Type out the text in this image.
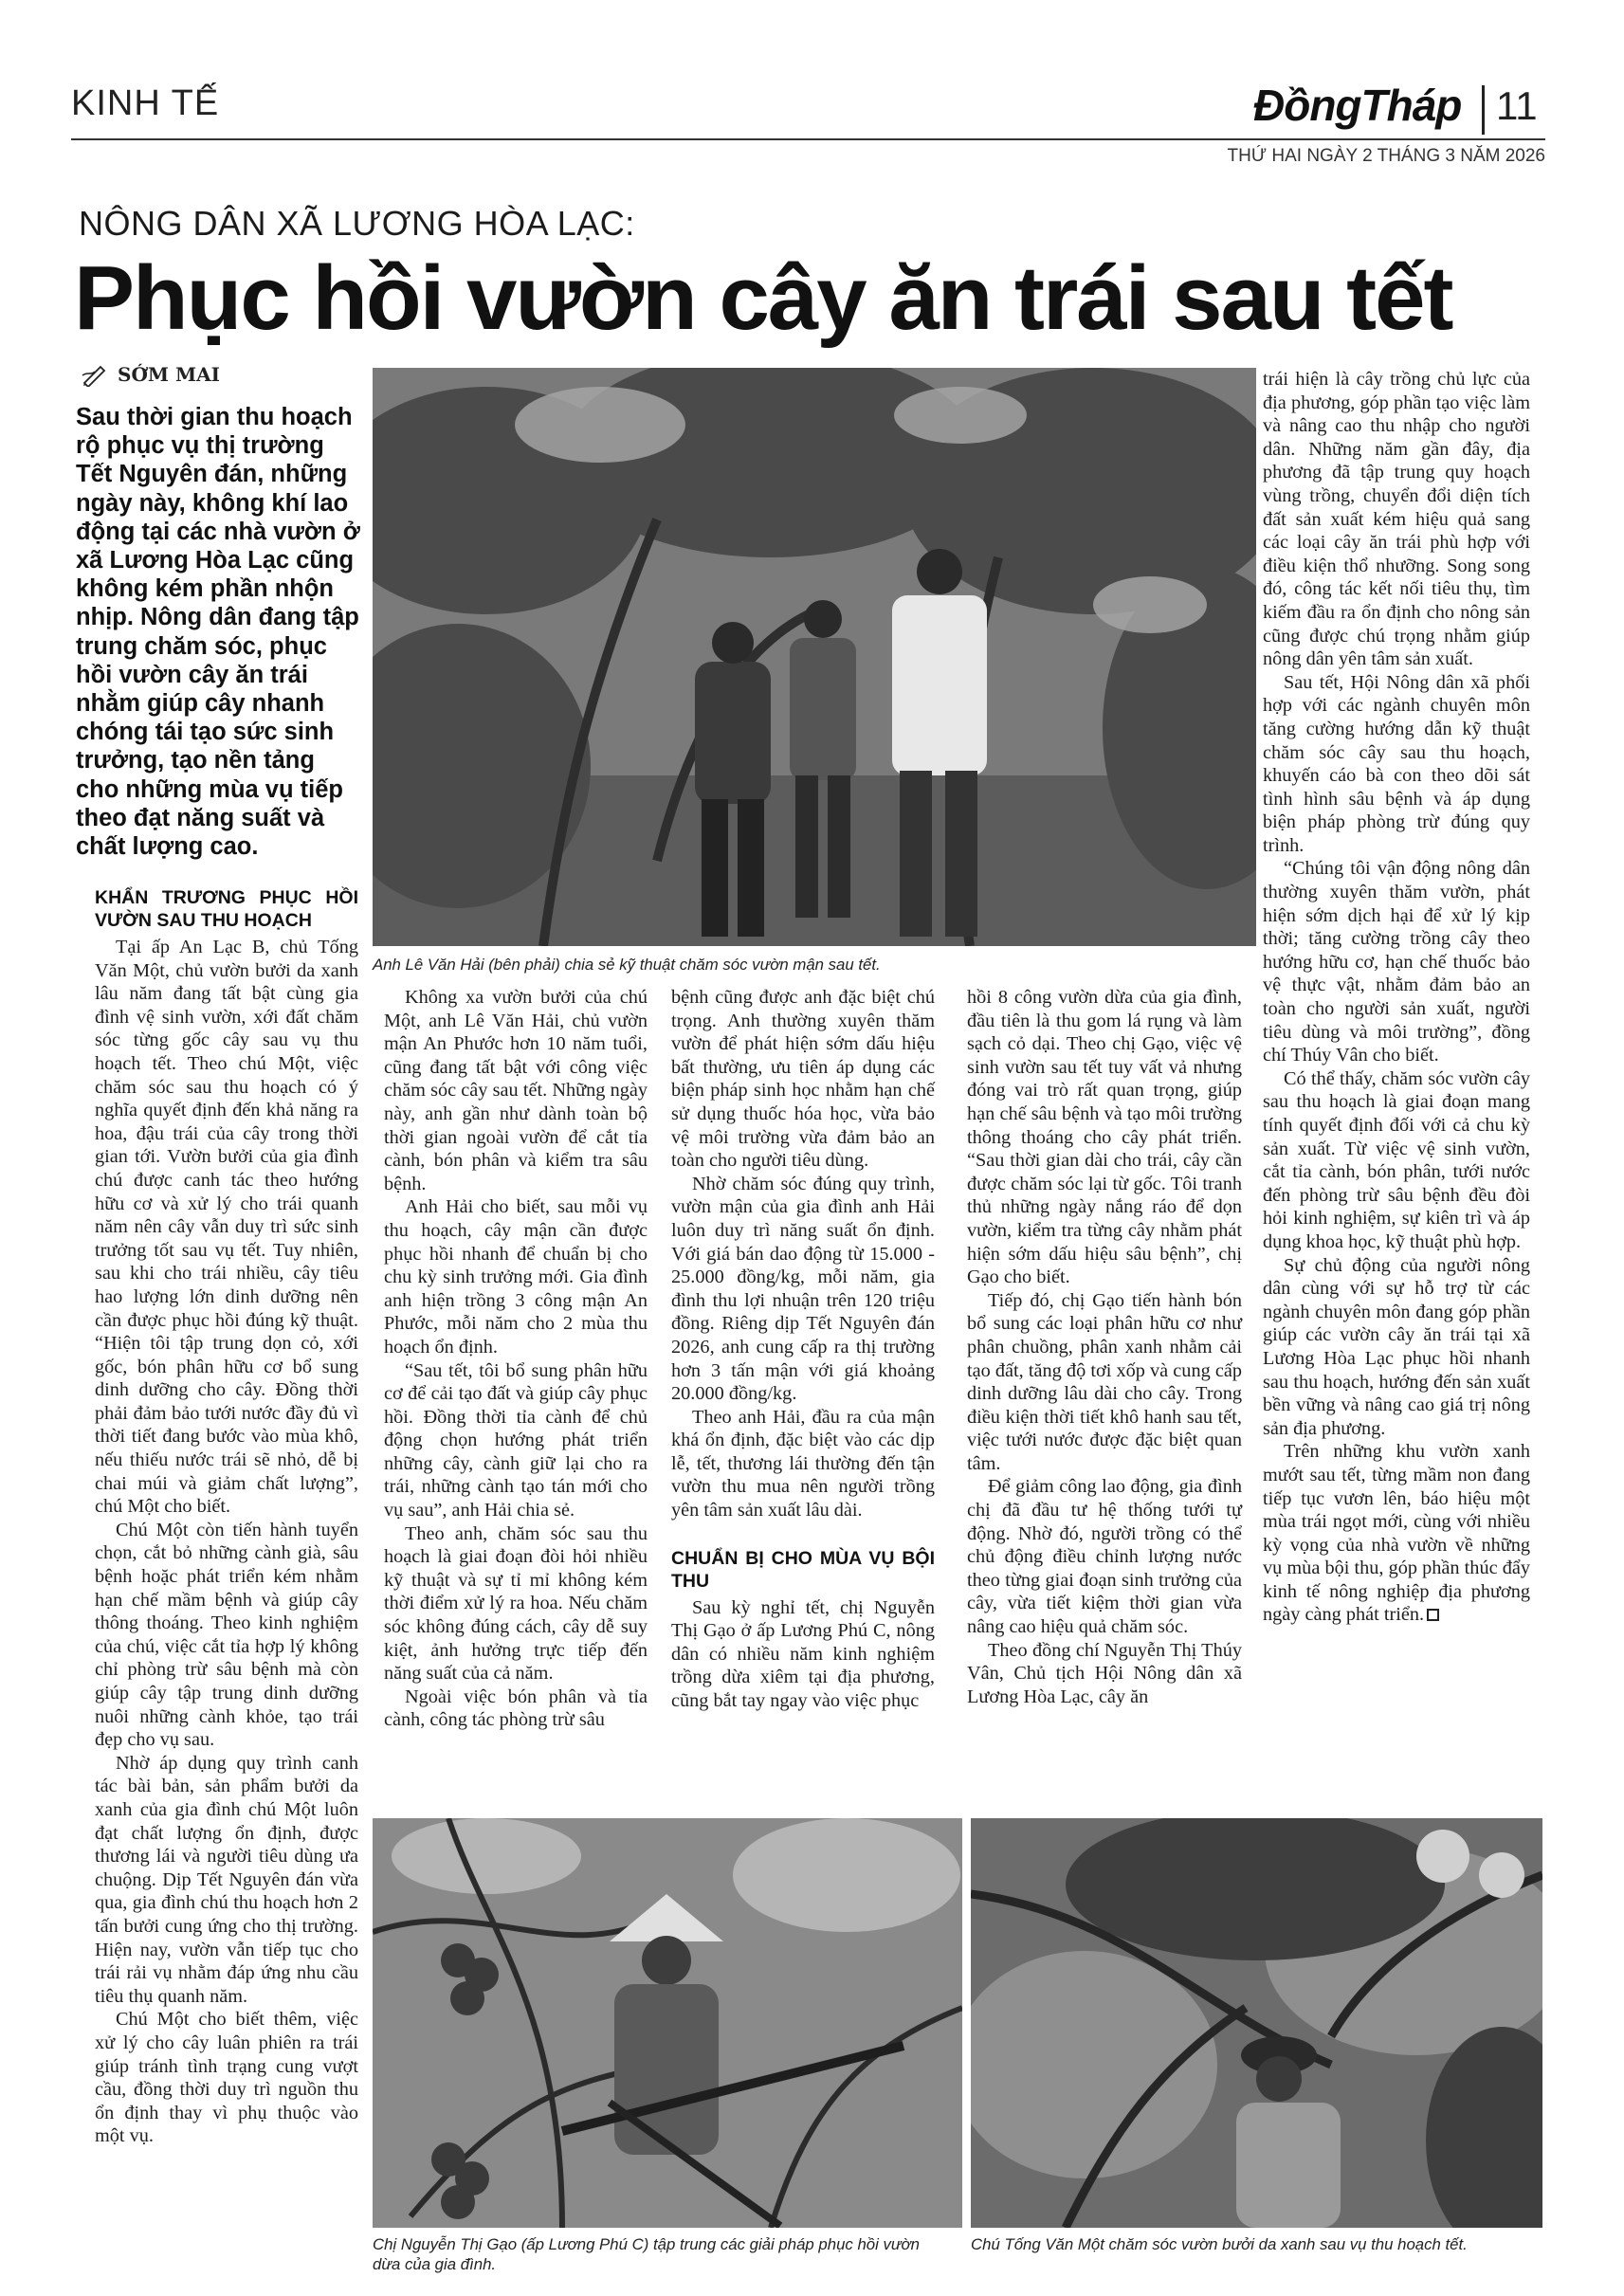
KINH TẾ	ĐồngTháp 11
THỨ HAI NGÀY 2 THÁNG 3 NĂM 2026
NÔNG DÂN XÃ LƯƠNG HÒA LẠC:
Phục hồi vườn cây ăn trái sau tết
SỚM MAI

Sau thời gian thu hoạch rộ phục vụ thị trường Tết Nguyên đán, những ngày này, không khí lao động tại các nhà vườn ở xã Lương Hòa Lạc cũng không kém phần nhộn nhịp. Nông dân đang tập trung chăm sóc, phục hồi vườn cây ăn trái nhằm giúp cây nhanh chóng tái tạo sức sinh trưởng, tạo nền tảng cho những mùa vụ tiếp theo đạt năng suất và chất lượng cao.

Anh Lê Văn Hải (bên phải) chia sẻ kỹ thuật chăm sóc vườn mận sau tết.
KHẨN TRƯƠNG PHỤC HỒI VƯỜN SAU THU HOẠCH

Tại ấp An Lạc B, chủ Tống Văn Một, chủ vườn bưởi da xanh lâu năm đang tất bật cùng gia đình vệ sinh vườn, xới đất chăm sóc từng gốc cây sau vụ thu hoạch tết. Theo chú Một, việc chăm sóc sau thu hoạch có ý nghĩa quyết định đến khả năng ra hoa, đậu trái của cây trong thời gian tới. Vườn bưởi của gia đình chú được canh tác theo hướng hữu cơ và xử lý cho trái quanh năm nên cây vẫn duy trì sức sinh trưởng tốt sau vụ tết. Tuy nhiên, sau khi cho trái nhiều, cây tiêu hao lượng lớn dinh dưỡng nên cần được phục hồi đúng kỹ thuật. “Hiện tôi tập trung dọn cỏ, xới gốc, bón phân hữu cơ bổ sung dinh dưỡng cho cây. Đồng thời phải đảm bảo tưới nước đầy đủ vì thời tiết đang bước vào mùa khô, nếu thiếu nước trái sẽ nhỏ, dễ bị chai múi và giảm chất lượng”, chú Một cho biết.

Chú Một còn tiến hành tuyển chọn, cắt bỏ những cành già, sâu bệnh hoặc phát triển kém nhằm hạn chế mầm bệnh và giúp cây thông thoáng. Theo kinh nghiệm của chú, việc cắt tỉa hợp lý không chỉ phòng trừ sâu bệnh mà còn giúp cây tập trung dinh dưỡng nuôi những cành khỏe, tạo trái đẹp cho vụ sau.

Nhờ áp dụng quy trình canh tác bài bản, sản phẩm bưởi da xanh của gia đình chú Một luôn đạt chất lượng ổn định, được thương lái và người tiêu dùng ưa chuộng. Dịp Tết Nguyên đán vừa qua, gia đình chú thu hoạch hơn 2 tấn bưởi cung ứng cho thị trường. Hiện nay, vườn vẫn tiếp tục cho trái rải vụ nhằm đáp ứng nhu cầu tiêu thụ quanh năm.

Chú Một cho biết thêm, việc xử lý cho cây luân phiên ra trái giúp tránh tình trạng cung vượt cầu, đồng thời duy trì nguồn thu ổn định thay vì phụ thuộc vào một vụ.

Không xa vườn bưởi của chú Một, anh Lê Văn Hải, chủ vườn mận An Phước hơn 10 năm tuổi, cũng đang tất bật với công việc chăm sóc cây sau tết. Những ngày này, anh gần như dành toàn bộ thời gian ngoài vườn để cắt tỉa cành, bón phân và kiểm tra sâu bệnh.

Anh Hải cho biết, sau mỗi vụ thu hoạch, cây mận cần được phục hồi nhanh để chuẩn bị cho chu kỳ sinh trưởng mới. Gia đình anh hiện trồng 3 công mận An Phước, mỗi năm cho 2 mùa thu hoạch ổn định.

“Sau tết, tôi bổ sung phân hữu cơ để cải tạo đất và giúp cây phục hồi. Đồng thời tỉa cành để chủ động chọn hướng phát triển những cây, cành giữ lại cho ra trái, những cành tạo tán mới cho vụ sau”, anh Hải chia sẻ.

Theo anh, chăm sóc sau thu hoạch là giai đoạn đòi hỏi nhiều kỹ thuật và sự tỉ mỉ không kém thời điểm xử lý ra hoa. Nếu chăm sóc không đúng cách, cây dễ suy kiệt, ảnh hưởng trực tiếp đến năng suất của cả năm.

Ngoài việc bón phân và tỉa cành, công tác phòng trừ sâu

bệnh cũng được anh đặc biệt chú trọng. Anh thường xuyên thăm vườn để phát hiện sớm dấu hiệu bất thường, ưu tiên áp dụng các biện pháp sinh học nhằm hạn chế sử dụng thuốc hóa học, vừa bảo vệ môi trường vừa đảm bảo an toàn cho người tiêu dùng.

Nhờ chăm sóc đúng quy trình, vườn mận của gia đình anh Hải luôn duy trì năng suất ổn định. Với giá bán dao động từ 15.000 - 25.000 đồng/kg, mỗi năm, gia đình thu lợi nhuận trên 120 triệu đồng. Riêng dịp Tết Nguyên đán 2026, anh cung cấp ra thị trường hơn 3 tấn mận với giá khoảng 20.000 đồng/kg.

Theo anh Hải, đầu ra của mận khá ổn định, đặc biệt vào các dịp lễ, tết, thương lái thường đến tận vườn thu mua nên người trồng yên tâm sản xuất lâu dài.

CHUẨN BỊ CHO MÙA VỤ BỘI THU

Sau kỳ nghỉ tết, chị Nguyễn Thị Gạo ở ấp Lương Phú C, nông dân có nhiều năm kinh nghiệm trồng dừa xiêm tại địa phương, cũng bắt tay ngay vào việc phục

hồi 8 công vườn dừa của gia đình, đầu tiên là thu gom lá rụng và làm sạch cỏ dại. Theo chị Gạo, việc vệ sinh vườn sau tết tuy vất vả nhưng đóng vai trò rất quan trọng, giúp hạn chế sâu bệnh và tạo môi trường thông thoáng cho cây phát triển. “Sau thời gian dài cho trái, cây cần được chăm sóc lại từ gốc. Tôi tranh thủ những ngày nắng ráo để dọn vườn, kiểm tra từng cây nhằm phát hiện sớm dấu hiệu sâu bệnh”, chị Gạo cho biết.

Tiếp đó, chị Gạo tiến hành bón bổ sung các loại phân hữu cơ như phân chuồng, phân xanh nhằm cải tạo đất, tăng độ tơi xốp và cung cấp dinh dưỡng lâu dài cho cây. Trong điều kiện thời tiết khô hanh sau tết, việc tưới nước được đặc biệt quan tâm.

Để giảm công lao động, gia đình chị đã đầu tư hệ thống tưới tự động. Nhờ đó, người trồng có thể chủ động điều chỉnh lượng nước theo từng giai đoạn sinh trưởng của cây, vừa tiết kiệm thời gian vừa nâng cao hiệu quả chăm sóc.

Theo đồng chí Nguyễn Thị Thúy Vân, Chủ tịch Hội Nông dân xã Lương Hòa Lạc, cây ăn

trái hiện là cây trồng chủ lực của địa phương, góp phần tạo việc làm và nâng cao thu nhập cho người dân. Những năm gần đây, địa phương đã tập trung quy hoạch vùng trồng, chuyển đổi diện tích đất sản xuất kém hiệu quả sang các loại cây ăn trái phù hợp với điều kiện thổ nhưỡng. Song song đó, công tác kết nối tiêu thụ, tìm kiếm đầu ra ổn định cho nông sản cũng được chú trọng nhằm giúp nông dân yên tâm sản xuất.

Sau tết, Hội Nông dân xã phối hợp với các ngành chuyên môn tăng cường hướng dẫn kỹ thuật chăm sóc cây sau thu hoạch, khuyến cáo bà con theo dõi sát tình hình sâu bệnh và áp dụng biện pháp phòng trừ đúng quy trình.

“Chúng tôi vận động nông dân thường xuyên thăm vườn, phát hiện sớm dịch hại để xử lý kịp thời; tăng cường trồng cây theo hướng hữu cơ, hạn chế thuốc bảo vệ thực vật, nhằm đảm bảo an toàn cho người sản xuất, người tiêu dùng và môi trường”, đồng chí Thúy Vân cho biết.

Có thể thấy, chăm sóc vườn cây sau thu hoạch là giai đoạn mang tính quyết định đối với cả chu kỳ sản xuất. Từ việc vệ sinh vườn, cắt tỉa cành, bón phân, tưới nước đến phòng trừ sâu bệnh đều đòi hỏi kinh nghiệm, sự kiên trì và áp dụng khoa học, kỹ thuật phù hợp.

Sự chủ động của người nông dân cùng với sự hỗ trợ từ các ngành chuyên môn đang góp phần giúp các vườn cây ăn trái tại xã Lương Hòa Lạc phục hồi nhanh sau thu hoạch, hướng đến sản xuất bền vững và nâng cao giá trị nông sản địa phương.

Trên những khu vườn xanh mướt sau tết, từng mầm non đang tiếp tục vươn lên, báo hiệu một mùa trái ngọt mới, cùng với nhiều kỳ vọng của nhà vườn về những vụ mùa bội thu, góp phần thúc đẩy kinh tế nông nghiệp địa phương ngày càng phát triển.

Chị Nguyễn Thị Gạo (ấp Lương Phú C) tập trung các giải pháp phục hồi vườn dừa của gia đình.
Chú Tống Văn Một chăm sóc vườn bưởi da xanh sau vụ thu hoạch tết.
